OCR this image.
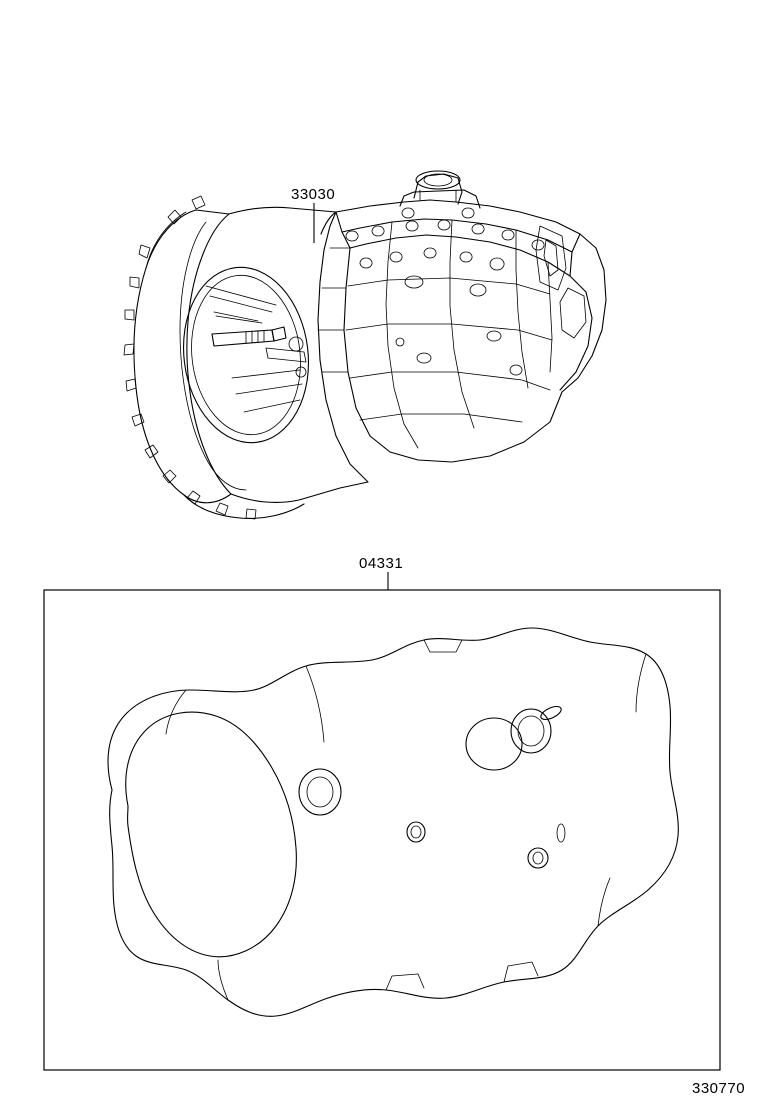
33030
04331
330770
